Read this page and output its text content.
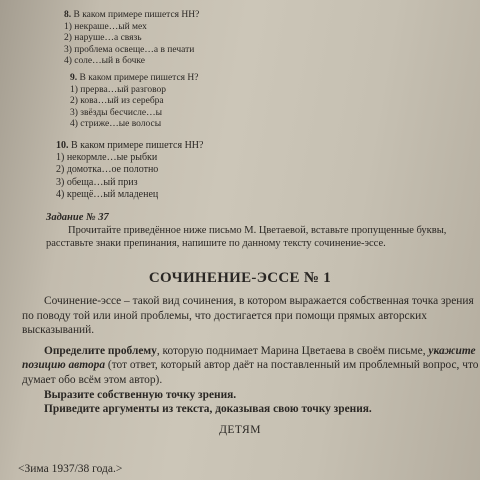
8. В каком примере пишется НН?
1) некраше…ый мех
2) наруше…а связь
3) проблема освеще…а в печати
4) соле…ый в бочке
9. В каком примере пишется Н?
1) прерва…ый разговор
2) кова…ый из серебра
3) звёзды бесчисле…ы
4) стриже…ые волосы
10. В каком примере пишется НН?
1) некормле…ые рыбки
2) домотка…ое полотно
3) обеща…ый приз
4) крещё…ый младенец
Задание № 37
Прочитайте приведённое ниже письмо М. Цветаевой, вставьте пропущенные буквы, расставьте знаки препинания, напишите по данному тексту сочинение-эссе.
СОЧИНЕНИЕ-ЭССЕ № 1

Сочинение-эссе – такой вид сочинения, в котором выражается собственная точка зрения по поводу той или иной проблемы, что достигается при помощи прямых авторских высказываний.

Определите проблему, которую поднимает Марина Цветаева в своём письме, укажите позицию автора (тот ответ, который автор даёт на поставленный им проблемный вопрос, что думает обо всём этом автор).

Выразите собственную точку зрения.

Приведите аргументы из текста, доказывая свою точку зрения.

ДЕТЯМ
<Зима 1937/38 года.>
